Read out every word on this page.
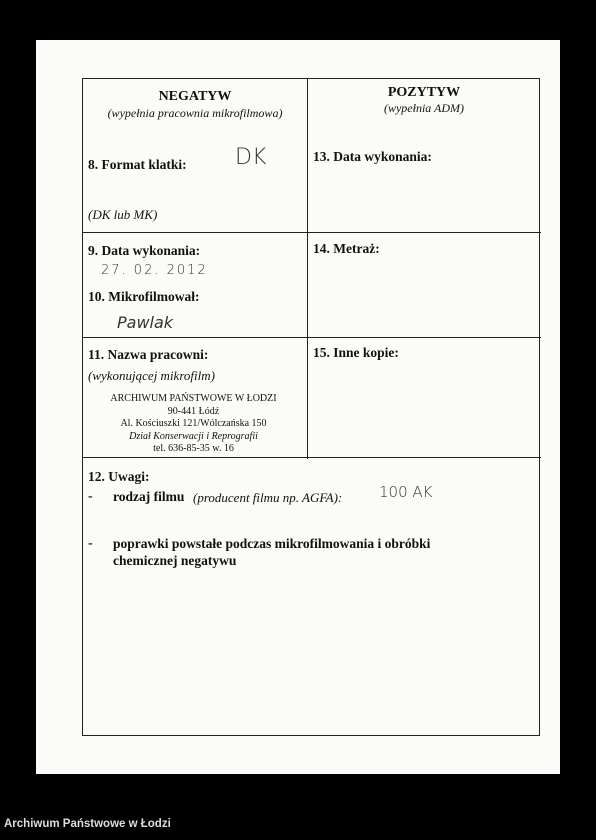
NEGATYW
(wypełnia pracownia mikrofilmowa)
POZYTYW
(wypełnia ADM)
8. Format klatki: DK
(DK lub MK)
13. Data wykonania:
9. Data wykonania:
27. 02. 2012
10. Mikrofilmował:
Pawlak
14. Metraż:
11. Nazwa pracowni:
(wykonującej mikrofilm)
ARCHIWUM PAŃSTWOWE W ŁODZI
90-441 Łódź
Al. Kościuszki 121/Wólczańska 150
Dział Konserwacji i Reprografii
tel. 636-85-35 w. 16
15. Inne kopie:
12. Uwagi:
- rodzaj filmu (producent filmu np. AGFA): 100 AK
- poprawki powstałe podczas mikrofilmowania i obróbki
chemicznej negatywu
Archiwum Państwowe w Łodzi
